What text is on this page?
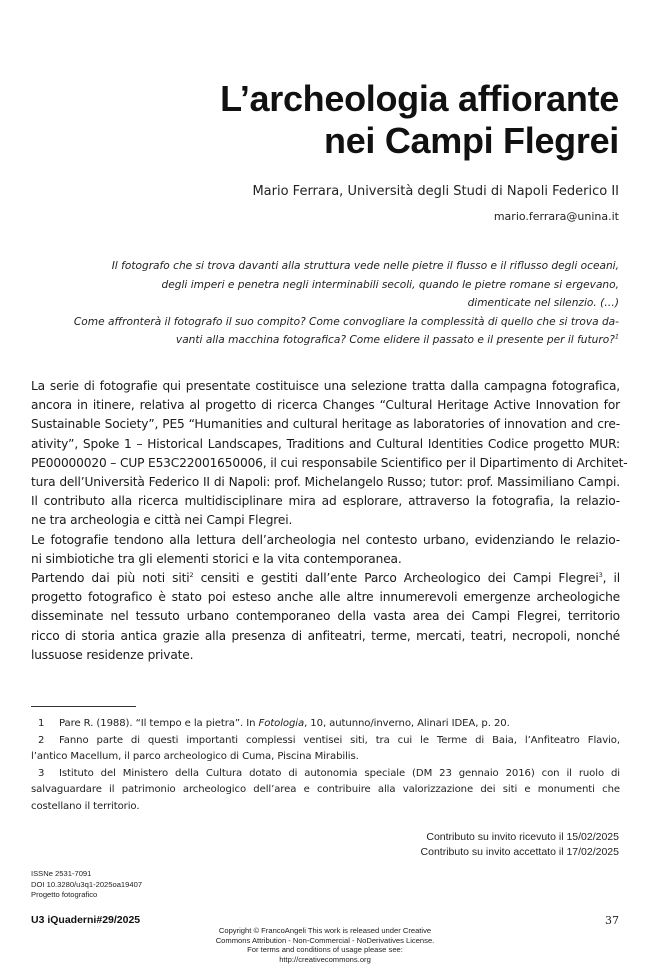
L’archeologia affiorante
nei Campi Flegrei
Mario Ferrara, Università degli Studi di Napoli Federico II
mario.ferrara@unina.it
Il fotografo che si trova davanti alla struttura vede nelle pietre il flusso e il riflusso degli oceani,
degli imperi e penetra negli interminabili secoli, quando le pietre romane si ergevano,
dimenticate nel silenzio. (…)
Come affronterà il fotografo il suo compito? Come convogliare la complessità di quello che si trova da-
vanti alla macchina fotografica? Come elidere il passato e il presente per il futuro?$^1$
La serie di fotografie qui presentate costituisce una selezione tratta dalla campagna fotografica,
ancora in itinere, relativa al progetto di ricerca Changes “Cultural Heritage Active Innovation for
Sustainable Society”, PE5 “Humanities and cultural heritage as laboratories of innovation and cre-
ativity”, Spoke 1 – Historical Landscapes, Traditions and Cultural Identities Codice progetto MUR:
PE00000020 – CUP E53C22001650006, il cui responsabile Scientifico per il Dipartimento di Architet-
tura dell’Università Federico II di Napoli: prof. Michelangelo Russo; tutor: prof. Massimiliano Campi.
Il contributo alla ricerca multidisciplinare mira ad esplorare, attraverso la fotografia, la relazio-
ne tra archeologia e città nei Campi Flegrei.
Le fotografie tendono alla lettura dell’archeologia nel contesto urbano, evidenziando le relazio-
ni simbiotiche tra gli elementi storici e la vita contemporanea.
Partendo dai più noti siti$^2$ censiti e gestiti dall’ente Parco Archeologico dei Campi Flegrei$^3$, il
progetto fotografico è stato poi esteso anche alle altre innumerevoli emergenze archeologiche
disseminate nel tessuto urbano contemporaneo della vasta area dei Campi Flegrei, territorio
ricco di storia antica grazie alla presenza di anfiteatri, terme, mercati, teatri, necropoli, nonché
lussuose residenze private.
1 Pare R. (1988). “Il tempo e la pietra”. In Fotologia, 10, autunno/inverno, Alinari IDEA, p. 20.
2 Fanno parte di questi importanti complessi ventisei siti, tra cui le Terme di Baia, l’Anfiteatro Flavio,
l’antico Macellum, il parco archeologico di Cuma, Piscina Mirabilis.
3 Istituto del Ministero della Cultura dotato di autonomia speciale (DM 23 gennaio 2016) con il ruolo di
salvaguardare il patrimonio archeologico dell’area e contribuire alla valorizzazione dei siti e monumenti che
costellano il territorio.
Contributo su invito ricevuto il 15/02/2025
Contributo su invito accettato il 17/02/2025
ISSNe 2531-7091
DOI 10.3280/u3q1-2025oa19407
Progetto fotografico
U3 iQuaderni#29/2025	37
Copyright © FrancoAngeli This work is released under Creative
Commons Attribution - Non-Commercial - NoDerivatives License.
For terms and conditions of usage please see:
http://creativecommons.org
